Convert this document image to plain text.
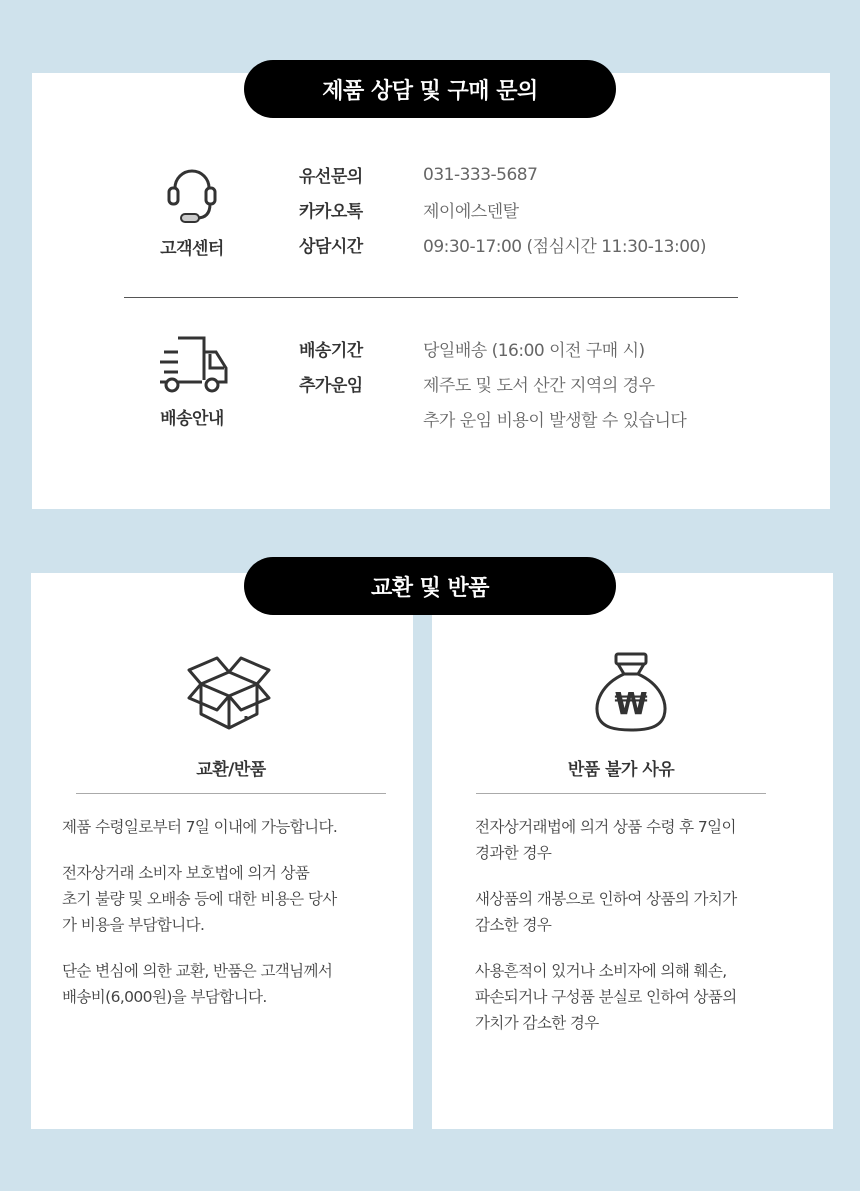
제품 상담 및 구매 문의
고객센터
유선문의	031-333-5687
카카오톡	제이에스덴탈
상담시간	09:30-17:00 (점심시간 11:30-13:00)
배송안내
배송기간	당일배송 (16:00 이전 구매 시)
추가운임	제주도 및 도서 산간 지역의 경우
추가 운임 비용이 발생할 수 있습니다
교환 및 반품
교환/반품

제품 수령일로부터 7일 이내에 가능합니다.

전자상거래 소비자 보호법에 의거 상품
초기 불량 및 오배송 등에 대한 비용은 당사
가 비용을 부담합니다.

단순 변심에 의한 교환, 반품은 고객님께서
배송비(6,000원)을 부담합니다.

₩
반품 불가 사유

전자상거래법에 의거 상품 수령 후 7일이
경과한 경우

새상품의 개봉으로 인하여 상품의 가치가
감소한 경우

사용흔적이 있거나 소비자에 의해 훼손,
파손되거나 구성품 분실로 인하여 상품의
가치가 감소한 경우
